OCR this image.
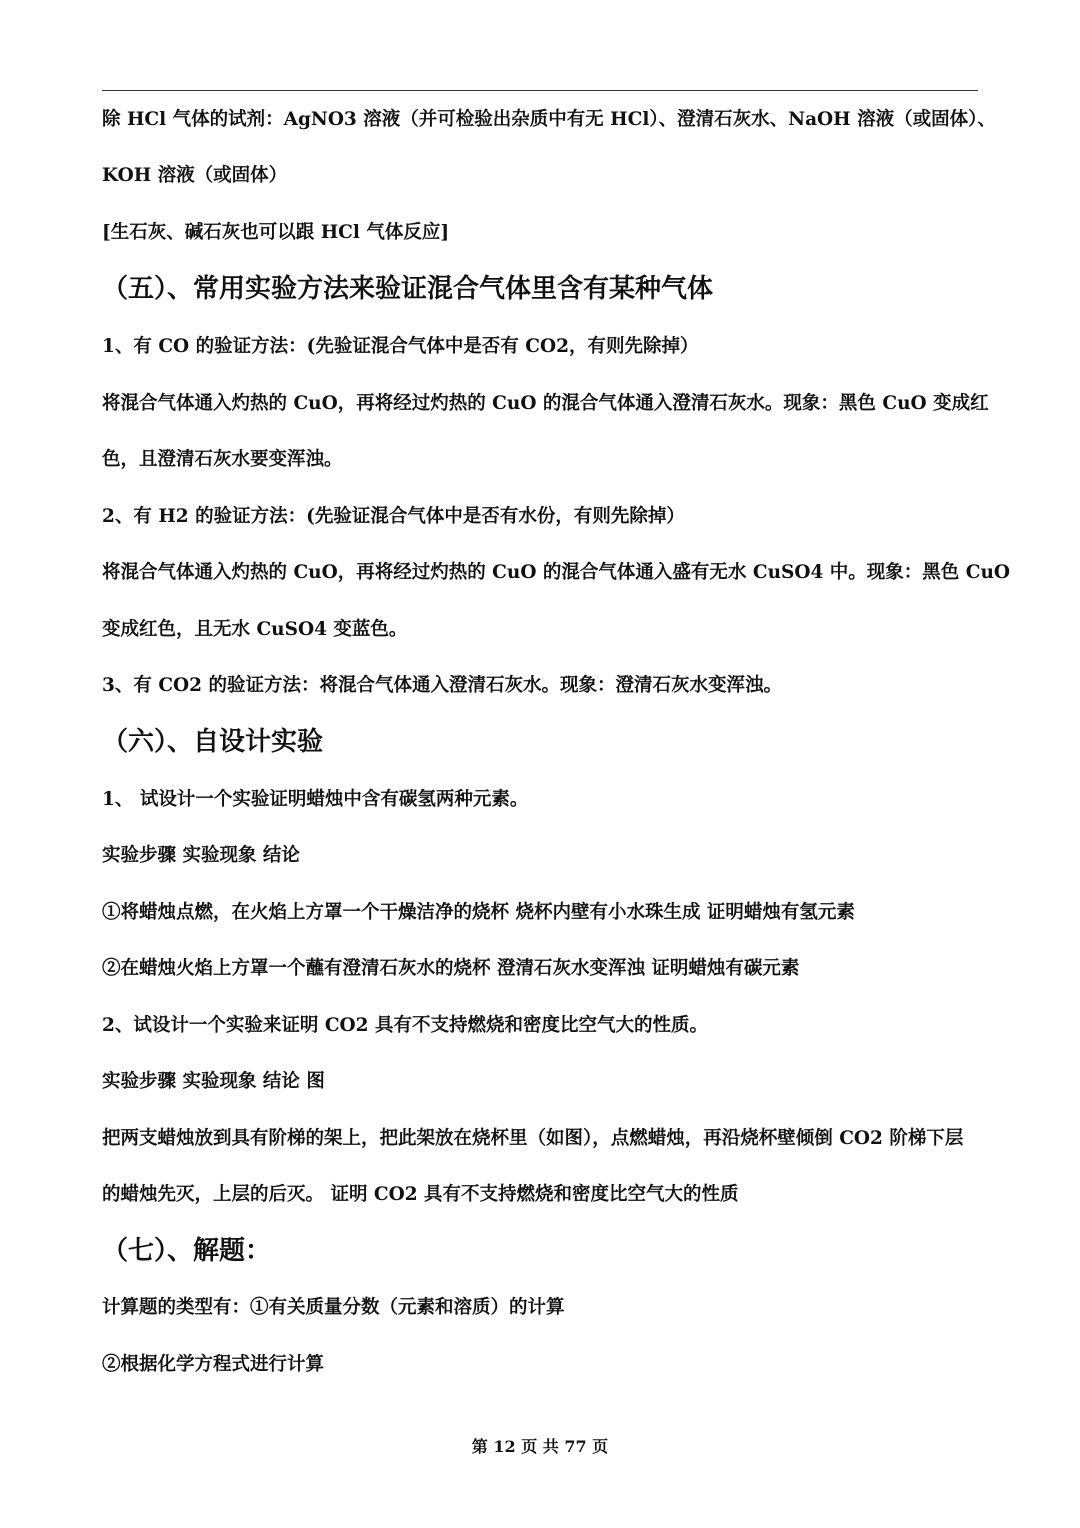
除 HCl 气体的试剂：AgNO3 溶液（并可检验出杂质中有无 HCl）、澄清石灰水、NaOH 溶液（或固体）、
KOH 溶液（或固体）
[生石灰、碱石灰也可以跟 HCl 气体反应]
（五）、常用实验方法来验证混合气体里含有某种气体
1、有 CO 的验证方法：(先验证混合气体中是否有 CO2，有则先除掉）
将混合气体通入灼热的 CuO，再将经过灼热的 CuO 的混合气体通入澄清石灰水。现象：黑色 CuO 变成红
色，且澄清石灰水要变浑浊。
2、有 H2 的验证方法：(先验证混合气体中是否有水份，有则先除掉）
将混合气体通入灼热的 CuO，再将经过灼热的 CuO 的混合气体通入盛有无水 CuSO4 中。现象：黑色 CuO
变成红色，且无水 CuSO4 变蓝色。
3、有 CO2 的验证方法：将混合气体通入澄清石灰水。现象：澄清石灰水变浑浊。
（六）、自设计实验
1、 试设计一个实验证明蜡烛中含有碳氢两种元素。
实验步骤 实验现象 结论
①将蜡烛点燃，在火焰上方罩一个干燥洁净的烧杯 烧杯内壁有小水珠生成 证明蜡烛有氢元素
②在蜡烛火焰上方罩一个蘸有澄清石灰水的烧杯 澄清石灰水变浑浊 证明蜡烛有碳元素
2、试设计一个实验来证明 CO2 具有不支持燃烧和密度比空气大的性质。
实验步骤 实验现象 结论 图
把两支蜡烛放到具有阶梯的架上，把此架放在烧杯里（如图），点燃蜡烛，再沿烧杯壁倾倒 CO2 阶梯下层
的蜡烛先灭，上层的后灭。 证明 CO2 具有不支持燃烧和密度比空气大的性质
（七）、解题：
计算题的类型有：①有关质量分数（元素和溶质）的计算
②根据化学方程式进行计算
第 12 页 共 77 页
